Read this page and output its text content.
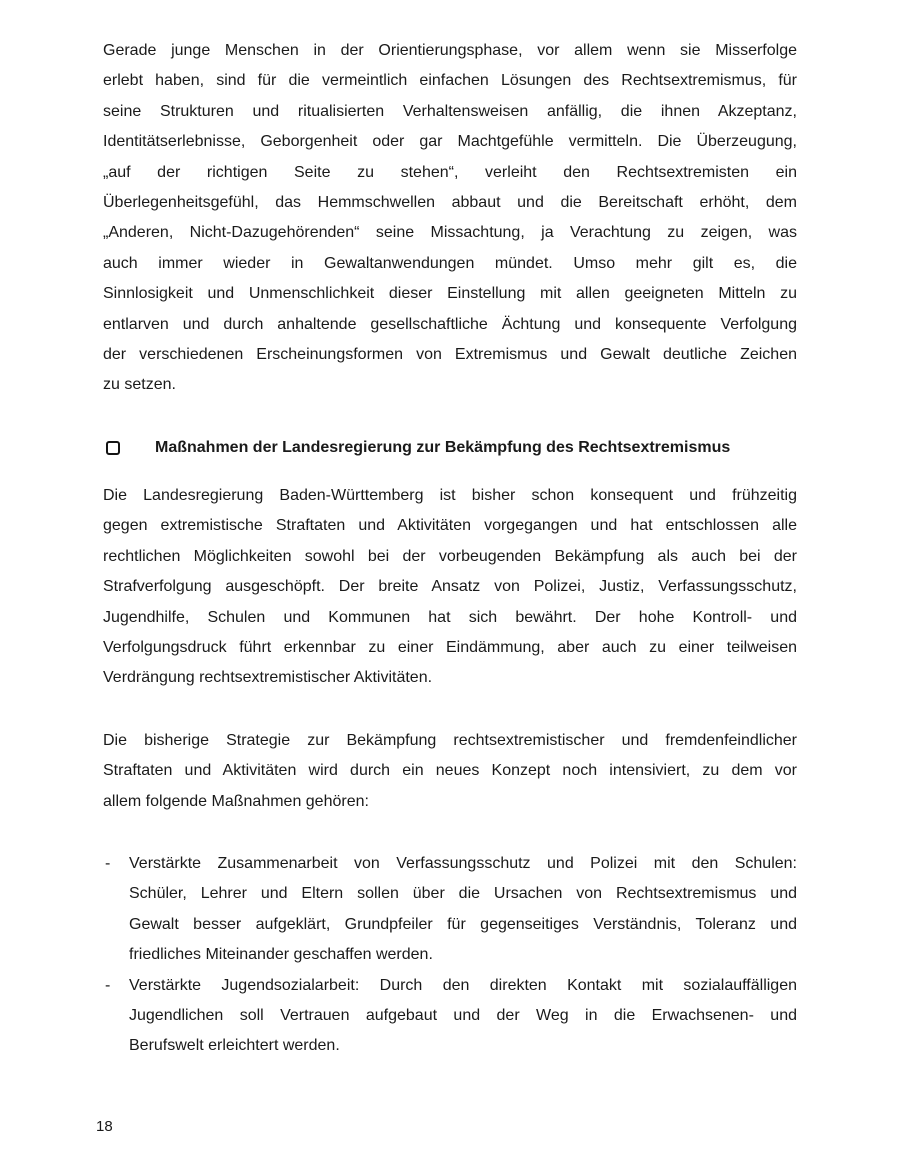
Gerade junge Menschen in der Orientierungsphase, vor allem wenn sie Misserfolge
erlebt haben, sind für die vermeintlich einfachen Lösungen des Rechtsextremismus, für
seine Strukturen und ritualisierten Verhaltensweisen anfällig, die ihnen Akzeptanz,
Identitätserlebnisse, Geborgenheit oder gar Machtgefühle vermitteln. Die Überzeugung,
„auf der richtigen Seite zu stehen“, verleiht den Rechtsextremisten ein
Überlegenheitsgefühl, das Hemmschwellen abbaut und die Bereitschaft erhöht, dem
„Anderen, Nicht-Dazugehörenden“ seine Missachtung, ja Verachtung zu zeigen, was
auch immer wieder in Gewaltanwendungen mündet. Umso mehr gilt es, die
Sinnlosigkeit und Unmenschlichkeit dieser Einstellung mit allen geeigneten Mitteln zu
entlarven und durch anhaltende gesellschaftliche Ächtung und konsequente Verfolgung
der verschiedenen Erscheinungsformen von Extremismus und Gewalt deutliche Zeichen
zu setzen.
Maßnahmen der Landesregierung zur Bekämpfung des Rechtsextremismus
Die Landesregierung Baden-Württemberg ist bisher schon konsequent und frühzeitig
gegen extremistische Straftaten und Aktivitäten vorgegangen und hat entschlossen alle
rechtlichen Möglichkeiten sowohl bei der vorbeugenden Bekämpfung als auch bei der
Strafverfolgung ausgeschöpft. Der breite Ansatz von Polizei, Justiz, Verfassungsschutz,
Jugendhilfe, Schulen und Kommunen hat sich bewährt. Der hohe Kontroll- und
Verfolgungsdruck führt erkennbar zu einer Eindämmung, aber auch zu einer teilweisen
Verdrängung rechtsextremistischer Aktivitäten.
Die bisherige Strategie zur Bekämpfung rechtsextremistischer und fremdenfeindlicher
Straftaten und Aktivitäten wird durch ein neues Konzept noch intensiviert, zu dem vor
allem folgende Maßnahmen gehören:
- Verstärkte Zusammenarbeit von Verfassungsschutz und Polizei mit den Schulen:
Schüler, Lehrer und Eltern sollen über die Ursachen von Rechtsextremismus und
Gewalt besser aufgeklärt, Grundpfeiler für gegenseitiges Verständnis, Toleranz und
friedliches Miteinander geschaffen werden.
- Verstärkte Jugendsozialarbeit: Durch den direkten Kontakt mit sozialauffälligen
Jugendlichen soll Vertrauen aufgebaut und der Weg in die Erwachsenen- und
Berufswelt erleichtert werden.
18
